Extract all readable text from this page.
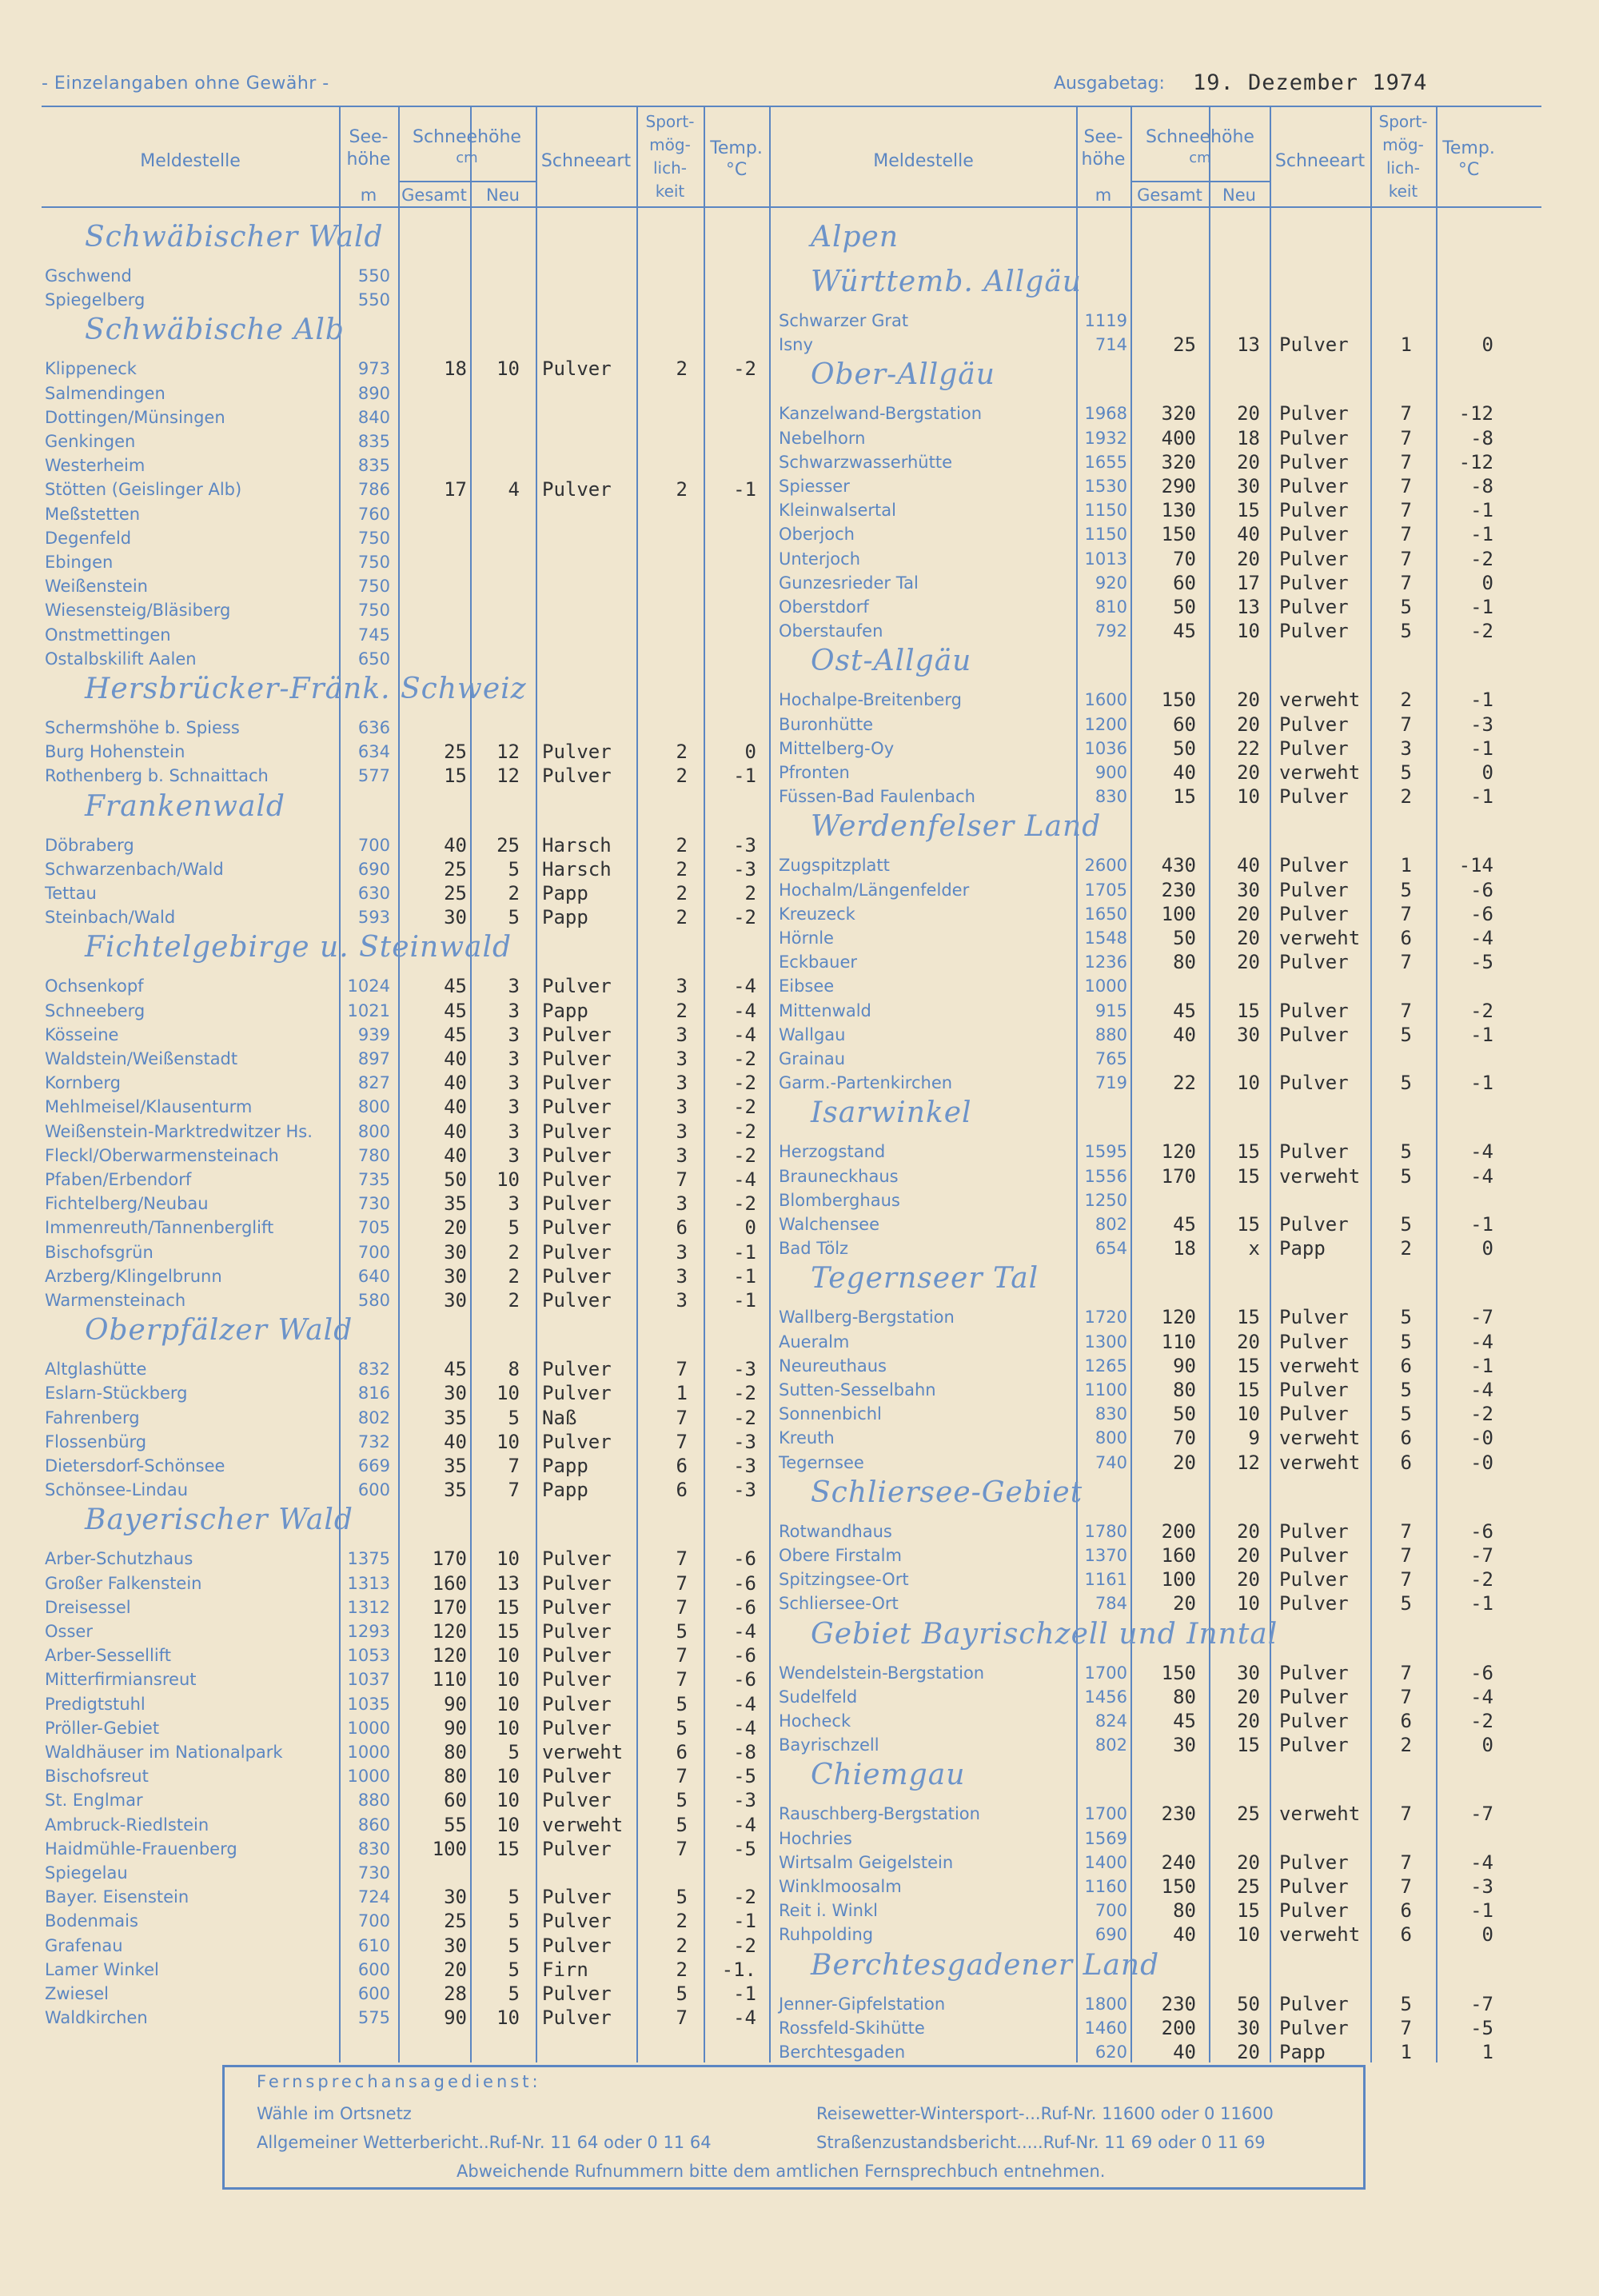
- Einzelangaben ohne Gewähr -	Ausgabetag: 19. Dezember 1974
Meldestelle
See-
höhe
m
Schneehöhe
cm
Gesamt	Neu
Schneeart
Sport-
mög-
lich-
keit
Temp.
°C	Meldestelle
See-
höhe
m
Schneehöhe
cm
Gesamt	Neu
Schneeart
Sport-
mög-
lich-
keit
Temp.
°C
Schwäbischer Wald
Gschwend	550
Spiegelberg	550
Schwäbische Alb
Klippeneck	973	18	10 Pulver	2	-2
Salmendingen	890
Dottingen/Münsingen	840
Genkingen	835
Westerheim	835
Stötten (Geislinger Alb)	786	17	4 Pulver	2	-1
Meßstetten	760
Degenfeld	750
Ebingen	750
Weißenstein	750
Wiesensteig/Bläsiberg	750
Onstmettingen	745
Ostalbskilift Aalen	650
Hersbrücker-Fränk. Schweiz
Schermshöhe b. Spiess	636
Burg Hohenstein	634	25	12 Pulver	2	0
Rothenberg b. Schnaittach	577	15	12 Pulver	2	-1
Frankenwald
Döbraberg	700	40	25 Harsch	2	-3
Schwarzenbach/Wald	690	25	5 Harsch	2	-3
Tettau	630	25	2 Papp	2	2
Steinbach/Wald	593	30	5 Papp	2	-2
Fichtelgebirge u. Steinwald
Ochsenkopf	1024	45	3 Pulver	3	-4
Schneeberg	1021	45	3 Papp	2	-4
Kösseine	939	45	3 Pulver	3	-4
Waldstein/Weißenstadt	897	40	3 Pulver	3	-2
Kornberg	827	40	3 Pulver	3	-2
Mehlmeisel/Klausenturm	800	40	3 Pulver	3	-2
Weißenstein-Marktredwitzer Hs.	800	40	3 Pulver	3	-2
Fleckl/Oberwarmensteinach	780	40	3 Pulver	3	-2
Pfaben/Erbendorf	735	50	10 Pulver	7	-4
Fichtelberg/Neubau	730	35	3 Pulver	3	-2
Immenreuth/Tannenberglift	705	20	5 Pulver	6	0
Bischofsgrün	700	30	2 Pulver	3	-1
Arzberg/Klingelbrunn	640	30	2 Pulver	3	-1
Warmensteinach	580	30	2 Pulver	3	-1
Oberpfälzer Wald
Altglashütte	832	45	8 Pulver	7	-3
Eslarn-Stückberg	816	30	10 Pulver	1	-2
Fahrenberg	802	35	5 Naß	7	-2
Flossenbürg	732	40	10 Pulver	7	-3
Dietersdorf-Schönsee	669	35	7 Papp	6	-3
Schönsee-Lindau	600	35	7 Papp	6	-3
Bayerischer Wald
Arber-Schutzhaus	1375	170	10 Pulver	7	-6
Großer Falkenstein	1313	160	13 Pulver	7	-6
Dreisessel	1312	170	15 Pulver	7	-6
Osser	1293	120	15 Pulver	5	-4
Arber-Sessellift	1053	120	10 Pulver	7	-6
Mitterfirmiansreut	1037	110	10 Pulver	7	-6
Predigtstuhl	1035	90	10 Pulver	5	-4
Pröller-Gebiet	1000	90	10 Pulver	5	-4
Waldhäuser im Nationalpark	1000	80	5 verweht	6	-8
Bischofsreut	1000	80	10 Pulver	7	-5
St. Englmar	880	60	10 Pulver	5	-3
Ambruck-Riedlstein	860	55	10 verweht	5	-4
Haidmühle-Frauenberg	830	100	15 Pulver	7	-5
Spiegelau	730
Bayer. Eisenstein	724	30	5 Pulver	5	-2
Bodenmais	700	25	5 Pulver	2	-1
Grafenau	610	30	5 Pulver	2	-2
Lamer Winkel	600	20	5 Firn	2	-1.
Zwiesel	600	28	5 Pulver	5	-1
Waldkirchen	575	90	10 Pulver	7	-4
Alpen
Württemb. Allgäu
Schwarzer Grat	1119
Isny	714	25	13 Pulver	1	0
Ober-Allgäu
Kanzelwand-Bergstation	1968	320	20 Pulver	7	-12
Nebelhorn	1932	400	18 Pulver	7	-8
Schwarzwasserhütte	1655	320	20 Pulver	7	-12
Spiesser	1530	290	30 Pulver	7	-8
Kleinwalsertal	1150	130	15 Pulver	7	-1
Oberjoch	1150	150	40 Pulver	7	-1
Unterjoch	1013	70	20 Pulver	7	-2
Gunzesrieder Tal	920	60	17 Pulver	7	0
Oberstdorf	810	50	13 Pulver	5	-1
Oberstaufen	792	45	10 Pulver	5	-2
Ost-Allgäu
Hochalpe-Breitenberg	1600	150	20 verweht	2	-1
Buronhütte	1200	60	20 Pulver	7	-3
Mittelberg-Oy	1036	50	22 Pulver	3	-1
Pfronten	900	40	20 verweht	5	0
Füssen-Bad Faulenbach	830	15	10 Pulver	2	-1
Werdenfelser Land
Zugspitzplatt	2600	430	40 Pulver	1	-14
Hochalm/Längenfelder	1705	230	30 Pulver	5	-6
Kreuzeck	1650	100	20 Pulver	7	-6
Hörnle	1548	50	20 verweht	6	-4
Eckbauer	1236	80	20 Pulver	7	-5
Eibsee	1000
Mittenwald	915	45	15 Pulver	7	-2
Wallgau	880	40	30 Pulver	5	-1
Grainau	765
Garm.-Partenkirchen	719	22	10 Pulver	5	-1
Isarwinkel
Herzogstand	1595	120	15 Pulver	5	-4
Brauneckhaus	1556	170	15 verweht	5	-4
Blomberghaus	1250
Walchensee	802	45	15 Pulver	5	-1
Bad Tölz	654	18	x Papp	2	0
Tegernseer Tal
Wallberg-Bergstation	1720	120	15 Pulver	5	-7
Aueralm	1300	110	20 Pulver	5	-4
Neureuthaus	1265	90	15 verweht	6	-1
Sutten-Sesselbahn	1100	80	15 Pulver	5	-4
Sonnenbichl	830	50	10 Pulver	5	-2
Kreuth	800	70	9 verweht	6	-0
Tegernsee	740	20	12 verweht	6	-0
Schliersee-Gebiet
Rotwandhaus	1780	200	20 Pulver	7	-6
Obere Firstalm	1370	160	20 Pulver	7	-7
Spitzingsee-Ort	1161	100	20 Pulver	7	-2
Schliersee-Ort	784	20	10 Pulver	5	-1
Gebiet Bayrischzell und Inntal
Wendelstein-Bergstation	1700	150	30 Pulver	7	-6
Sudelfeld	1456	80	20 Pulver	7	-4
Hocheck	824	45	20 Pulver	6	-2
Bayrischzell	802	30	15 Pulver	2	0
Chiemgau
Rauschberg-Bergstation	1700	230	25 verweht	7	-7
Hochries	1569
Wirtsalm Geigelstein	1400	240	20 Pulver	7	-4
Winklmoosalm	1160	150	25 Pulver	7	-3
Reit i. Winkl	700	80	15 Pulver	6	-1
Ruhpolding	690	40	10 verweht	6	0
Berchtesgadener Land
Jenner-Gipfelstation	1800	230	50 Pulver	5	-7
Rossfeld-Skihütte	1460	200	30 Pulver	7	-5
Berchtesgaden	620	40	20 Papp	1	1
Fernsprechansagedienst:
Wähle im Ortsnetz
Allgemeiner Wetterbericht..Ruf-Nr. 11 64 oder 0 11 64
Reisewetter-Wintersport-...Ruf-Nr. 11600 oder 0 11600
Straßenzustandsbericht.....Ruf-Nr. 11 69 oder 0 11 69
Abweichende Rufnummern bitte dem amtlichen Fernsprechbuch entnehmen.
